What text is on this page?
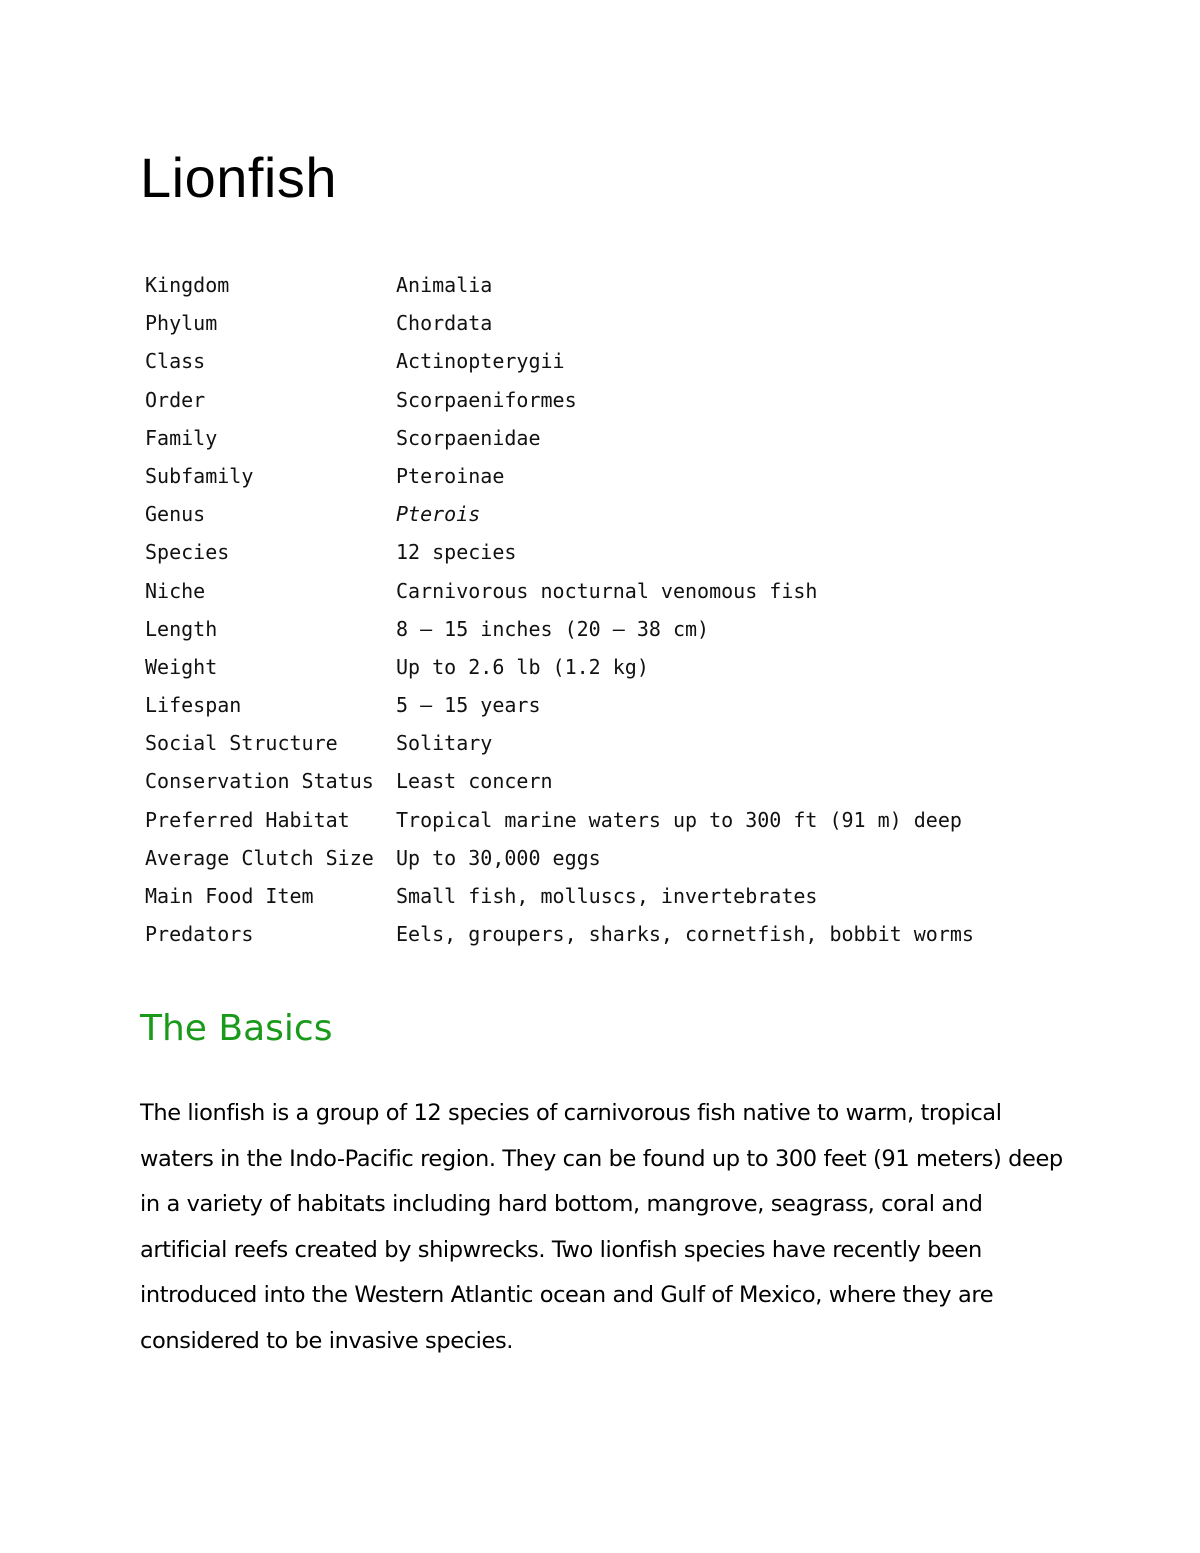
Lionfish
Kingdom	Animalia
Phylum	Chordata
Class	Actinopterygii
Order	Scorpaeniformes
Family	Scorpaenidae
Subfamily	Pteroinae
Genus	Pterois
Species	12 species
Niche	Carnivorous nocturnal venomous fish
Length	8 – 15 inches (20 – 38 cm)
Weight	Up to 2.6 lb (1.2 kg)
Lifespan	5 – 15 years
Social Structure	Solitary
Conservation Status	Least concern
Preferred Habitat	Tropical marine waters up to 300 ft (91 m) deep
Average Clutch Size	Up to 30,000 eggs
Main Food Item	Small fish, molluscs, invertebrates
Predators	Eels, groupers, sharks, cornetfish, bobbit worms
The Basics

The lionfish is a group of 12 species of carnivorous fish native to warm, tropical waters in the Indo-Pacific region. They can be found up to 300 feet (91 meters) deep in a variety of habitats including hard bottom, mangrove, seagrass, coral and artificial reefs created by shipwrecks. Two lionfish species have recently been introduced into the Western Atlantic ocean and Gulf of Mexico, where they are considered to be invasive species.
